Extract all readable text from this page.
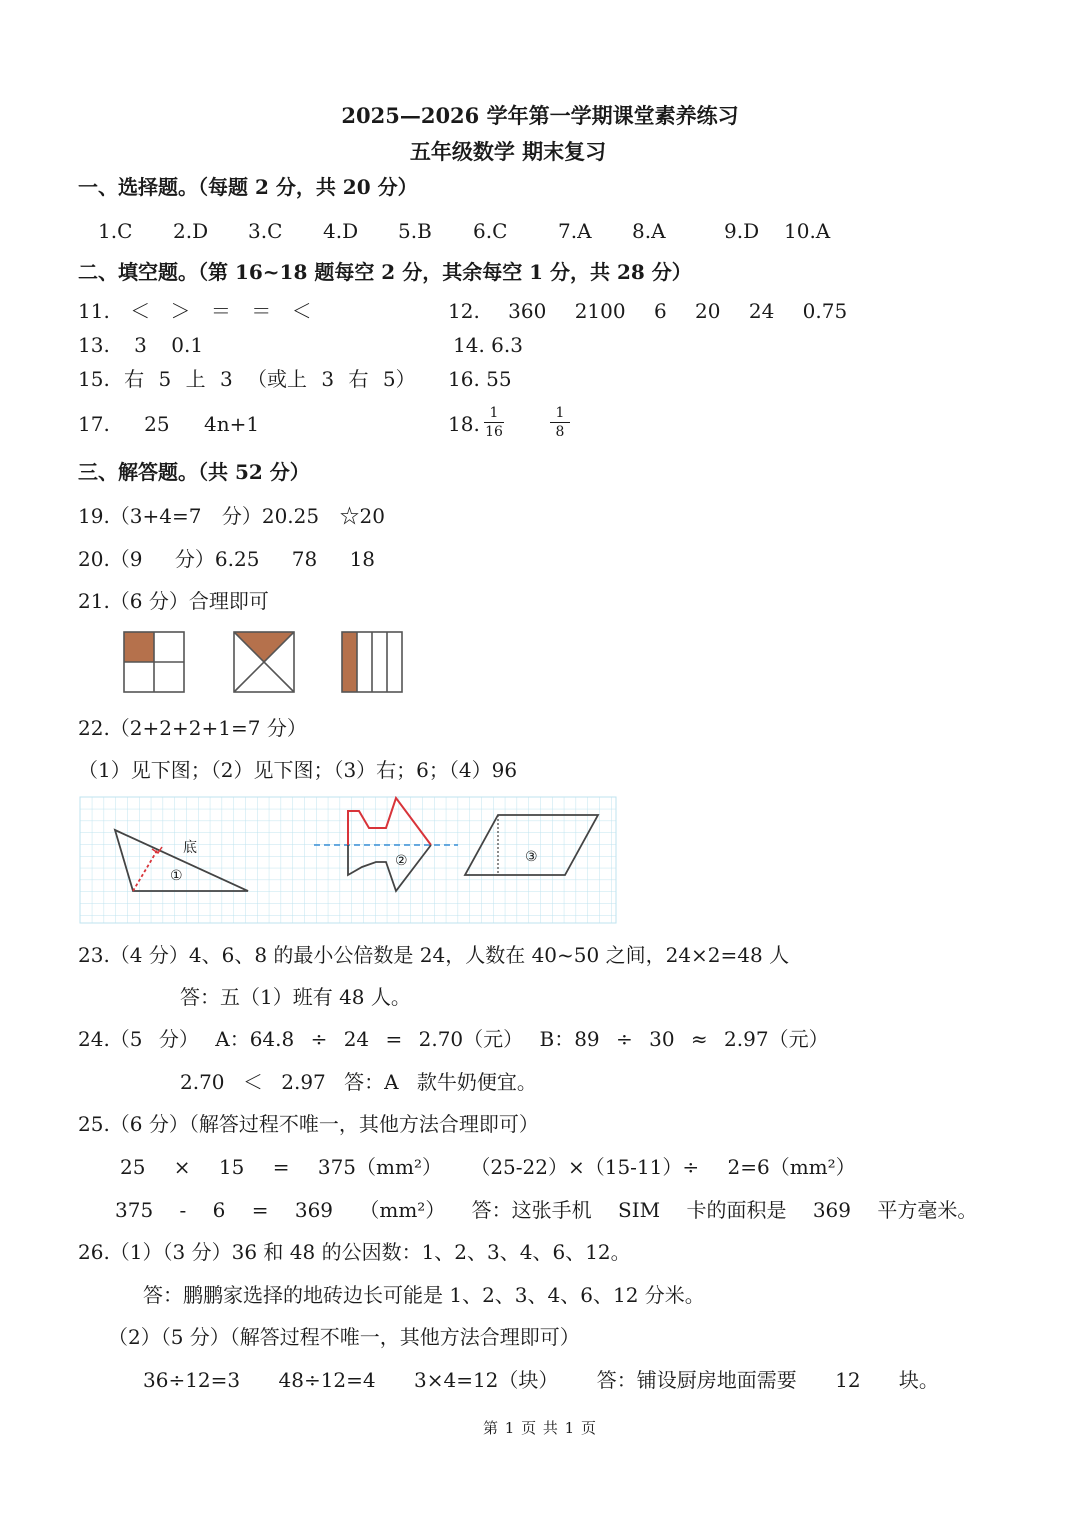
2025—2026 学年第一学期课堂素养练习
五年级数学 期末复习
一、选择题。（每题 2 分，共 20 分）
1.C 2.D 3.C 4.D 5.B 6.C	7.A 8.A	9.D 10.A
二、填空题。（第 16~18 题每空 2 分，其余每空 1 分，共 28 分）
11. ＜ ＞ ＝ ＝ ＜	12. 360 2100 6 20 24 0.75
13. 3 0.1	14. 6.3
15. 右 5 上 3 （或上 3 右 5） 16. 55
17. 25 4n+1	18. $\frac{1}{16}$	$\frac{1}{8}$
三、解答题。（共 52 分）
19.（3+4=7 分）20.25 ☆20
20.（9 分）6.25 78 18
21.（6 分）合理即可
22.（2+2+2+1=7 分）
（1）见下图；（2）见下图；（3）右；6；（4）96
底
①
②	③
23.（4 分）4、6、8 的最小公倍数是 24，人数在 40~50 之间，24×2=48 人
答：五（1）班有 48 人。
24.（5 分） A：64.8 ÷ 24 = 2.70（元） B：89 ÷ 30 ≈ 2.97（元）
2.70 ＜ 2.97 答：A 款牛奶便宜。
25.（6 分）（解答过程不唯一，其他方法合理即可）
25 × 15 = 375（mm²） （25-22）×（15-11）÷ 2=6（mm²）
375 - 6 = 369 （mm²） 答：这张手机 SIM 卡的面积是 369 平方毫米。
26.（1）（3 分）36 和 48 的公因数：1、2、3、4、6、12。
答：鹏鹏家选择的地砖边长可能是 1、2、3、4、6、12 分米。
（2）（5 分）（解答过程不唯一，其他方法合理即可）
36÷12=3 48÷12=4 3×4=12（块） 答：铺设厨房地面需要 12 块。
第 1 页 共 1 页
